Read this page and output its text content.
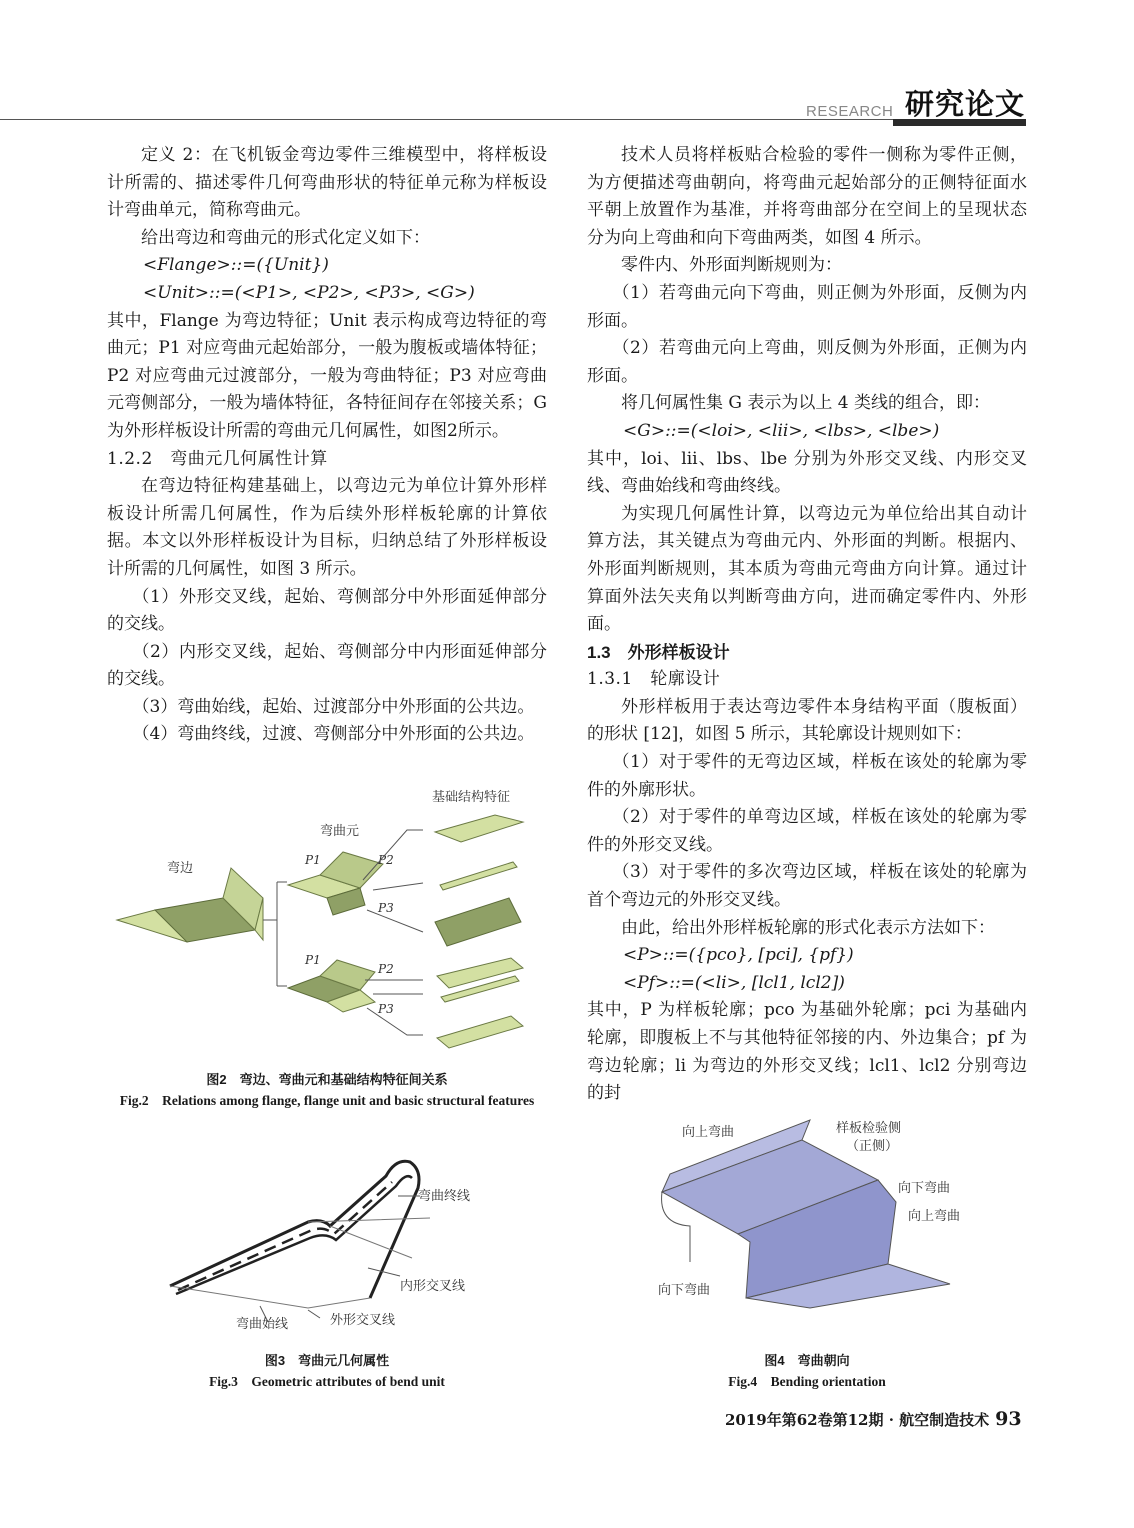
RESEARCH 研究论文

定义 2：在飞机钣金弯边零件三维模型中，将样板设计所需的、描述零件几何弯曲形状的特征单元称为样板设计弯曲单元，简称弯曲元。

给出弯边和弯曲元的形式化定义如下：

<Flange>::=({Unit})

<Unit>::=(<P1>, <P2>, <P3>, <G>)

其中，Flange 为弯边特征；Unit 表示构成弯边特征的弯曲元；P1 对应弯曲元起始部分，一般为腹板或墙体特征；P2 对应弯曲元过渡部分，一般为弯曲特征；P3 对应弯曲元弯侧部分，一般为墙体特征，各特征间存在邻接关系；G 为外形样板设计所需的弯曲元几何属性，如图2所示。

1.2.2　弯曲元几何属性计算

在弯边特征构建基础上，以弯边元为单位计算外形样板设计所需几何属性，作为后续外形样板轮廓的计算依据。本文以外形样板设计为目标，归纳总结了外形样板设计所需的几何属性，如图 3 所示。

（1）外形交叉线，起始、弯侧部分中外形面延伸部分的交线。

（2）内形交叉线，起始、弯侧部分中内形面延伸部分的交线。

（3）弯曲始线，起始、过渡部分中外形面的公共边。

（4）弯曲终线，过渡、弯侧部分中外形面的公共边。

技术人员将样板贴合检验的零件一侧称为零件正侧，为方便描述弯曲朝向，将弯曲元起始部分的正侧特征面水平朝上放置作为基准，并将弯曲部分在空间上的呈现状态分为向上弯曲和向下弯曲两类，如图 4 所示。

零件内、外形面判断规则为：

（1）若弯曲元向下弯曲，则正侧为外形面，反侧为内形面。

（2）若弯曲元向上弯曲，则反侧为外形面，正侧为内形面。

将几何属性集 G 表示为以上 4 类线的组合，即：

<G>::=(<loi>, <lii>, <lbs>, <lbe>)

其中，loi、lii、lbs、lbe 分别为外形交叉线、内形交叉线、弯曲始线和弯曲终线。

为实现几何属性计算，以弯边元为单位给出其自动计算方法，其关键点为弯曲元内、外形面的判断。根据内、外形面判断规则，其本质为弯曲元弯曲方向计算。通过计算面外法矢夹角以判断弯曲方向，进而确定零件内、外形面。

1.3　外形样板设计

1.3.1　轮廓设计

外形样板用于表达弯边零件本身结构平面（腹板面）的形状 [12]，如图 5 所示，其轮廓设计规则如下：

（1）对于零件的无弯边区域，样板在该处的轮廓为零件的外廓形状。

（2）对于零件的单弯边区域，样板在该处的轮廓为零件的外形交叉线。

（3）对于零件的多次弯边区域，样板在该处的轮廓为首个弯边元的外形交叉线。

由此，给出外形样板轮廓的形式化表示方法如下：

<P>::=({pco}, [pci], {pf})

<Pf>::=(<li>, [lcl1, lcl2])

其中，P 为样板轮廓；pco 为基础外轮廓；pci 为基础内轮廓，即腹板上不与其他特征邻接的内、外边集合；pf 为弯边轮廓；li 为弯边的外形交叉线；lcl1、lcl2 分别弯边的封

弯边
弯曲元
P1	P2
P3
P1
P2
P3
基础结构特征
图2　弯边、弯曲元和基础结构特征间关系
Fig.2　Relations among flange, flange unit and basic structural features
弯曲终线
内形交叉线
弯曲始线	外形交叉线
图3　弯曲元几何属性
Fig.3　Geometric attributes of bend unit
向上弯曲	样板检验侧
（正侧）
向下弯曲
向上弯曲
向下弯曲
图4　弯曲朝向
Fig.4　Bending orientation
2019年第62卷第12期 · 航空制造技术 93
